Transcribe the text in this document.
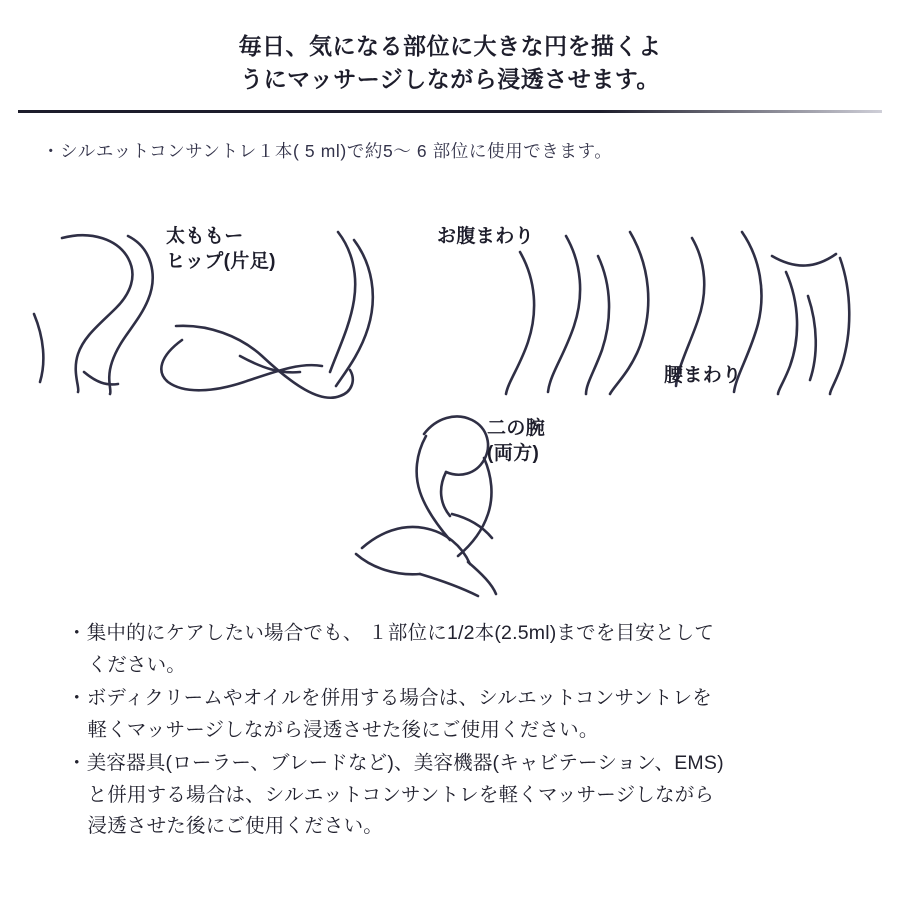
毎日、気になる部位に大きな円を描くよ
うにマッサージしながら浸透させます。
・シルエットコンサントレ１本( 5 ml)で約5〜 6 部位に使用できます。
太ももー
ヒップ(片足)
お腹まわり
腰まわり
二の腕
(両方)
・集中的にケアしたい場合でも、 １部位に1/2本(2.5ml)までを目安として
ください。
・ボディクリームやオイルを併用する場合は、シルエットコンサントレを
軽くマッサージしながら浸透させた後にご使用ください。
・美容器具(ローラー、ブレードなど)、美容機器(キャビテーション、EMS)
と併用する場合は、シルエットコンサントレを軽くマッサージしながら
浸透させた後にご使用ください。
